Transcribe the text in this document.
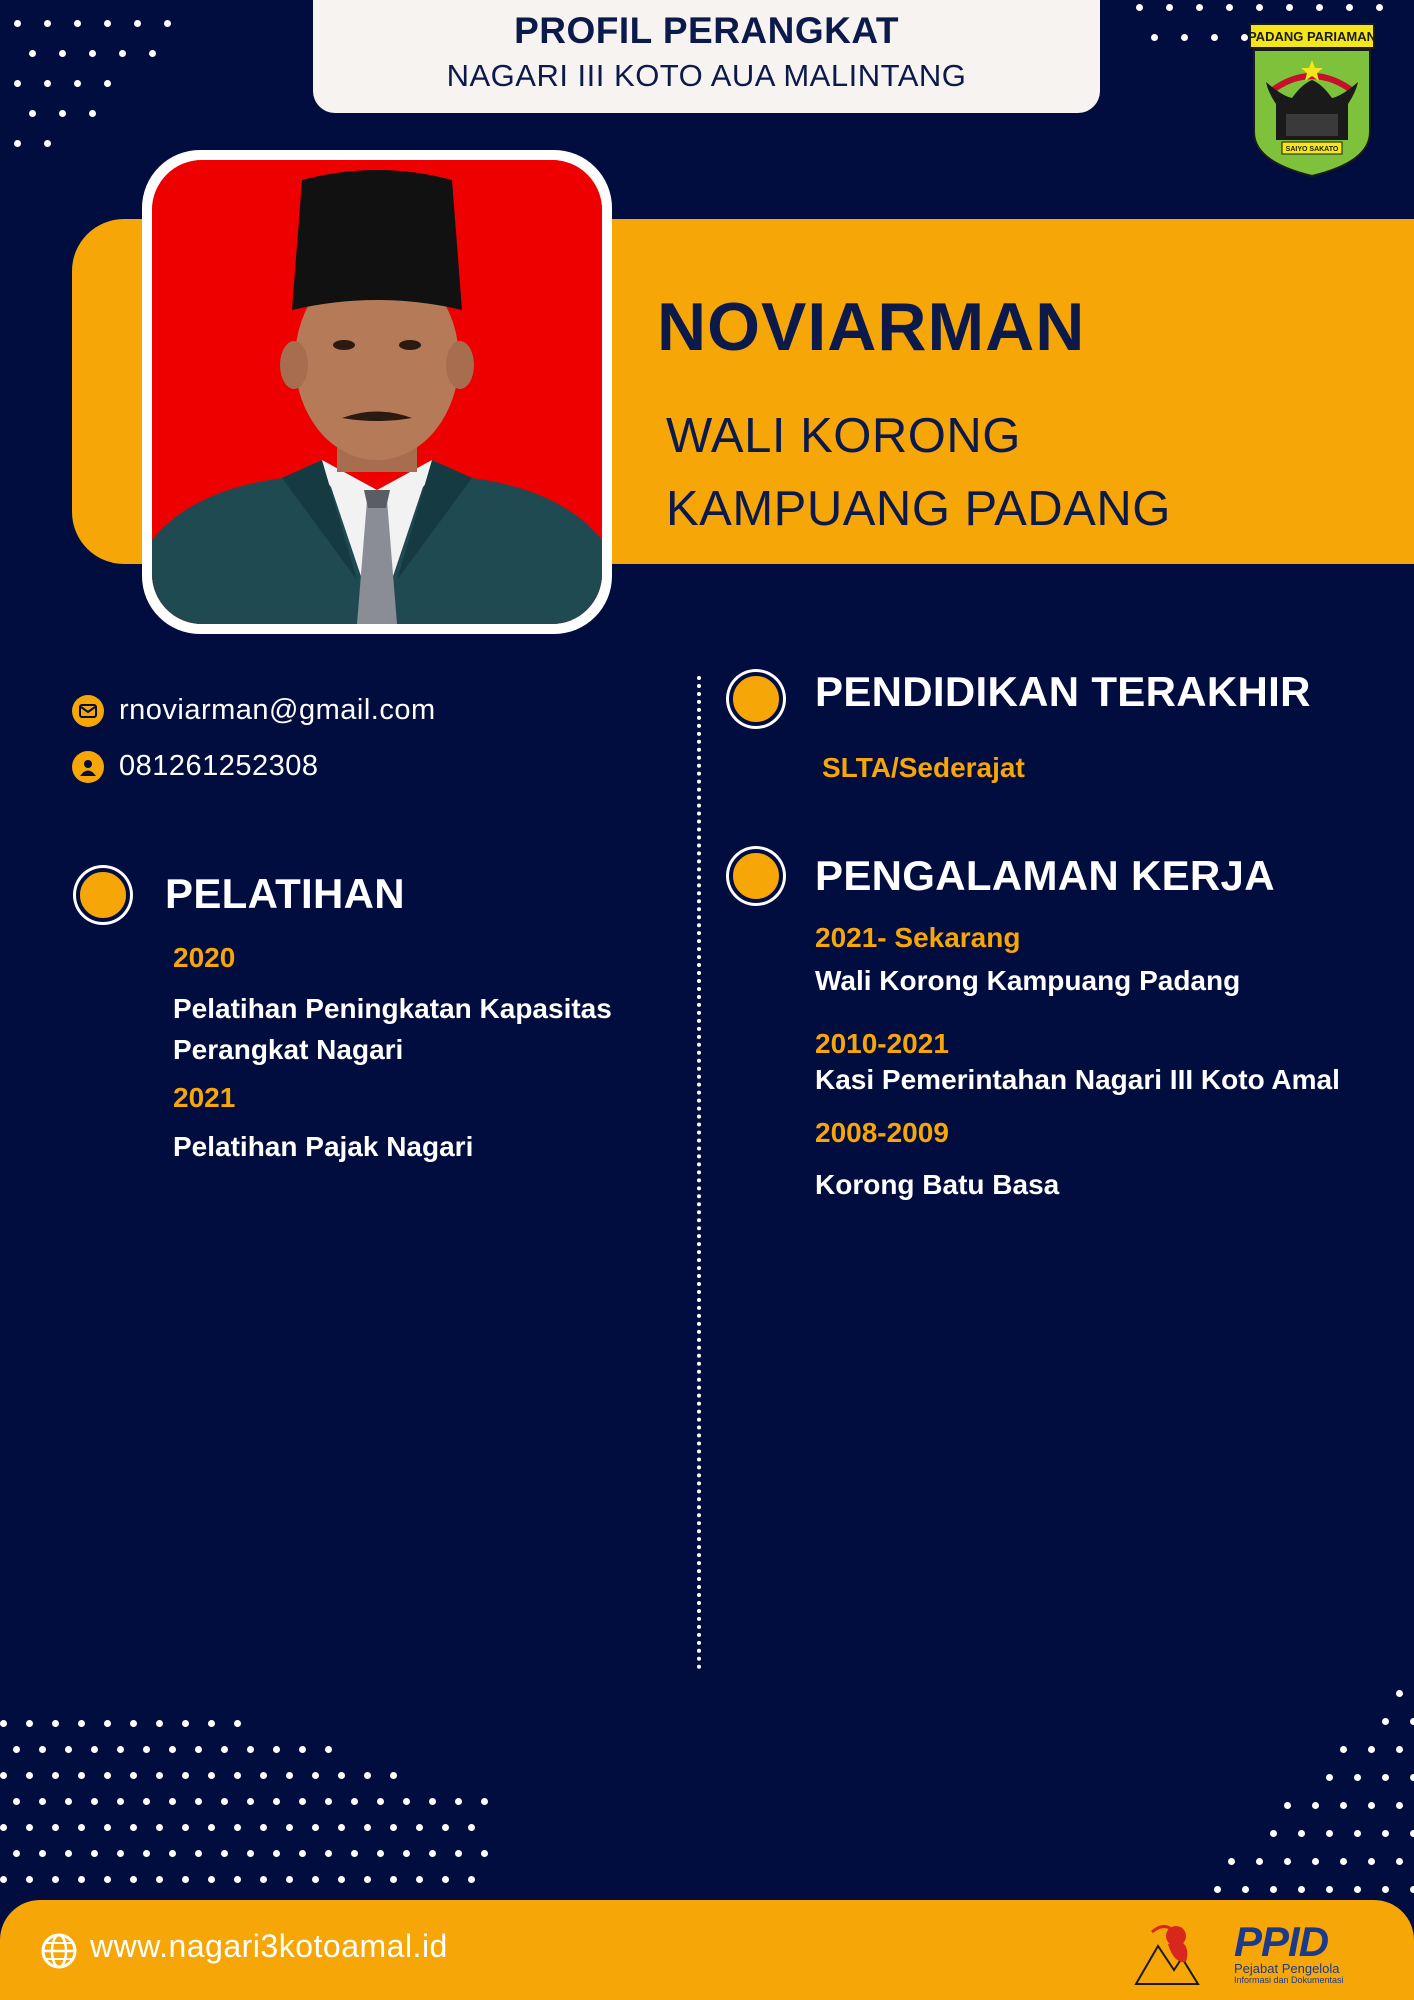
PROFIL PERANGKAT
NAGARI III KOTO AUA MALINTANG
PADANG PARIAMAN
SAIYO SAKATO
NOVIARMAN
WALI KORONG
KAMPUANG PADANG
rnoviarman@gmail.com
081261252308
PELATIHAN
2020
Pelatihan Peningkatan Kapasitas
Perangkat Nagari
2021
Pelatihan Pajak Nagari
PENDIDIKAN TERAKHIR
SLTA/Sederajat
PENGALAMAN KERJA
2021- Sekarang
Wali Korong Kampuang Padang
2010-2021
Kasi Pemerintahan Nagari III Koto Amal
2008-2009
Korong Batu Basa
www.nagari3kotoamal.id	PPID
Pejabat Pengelola
Informasi dan Dokumentasi
